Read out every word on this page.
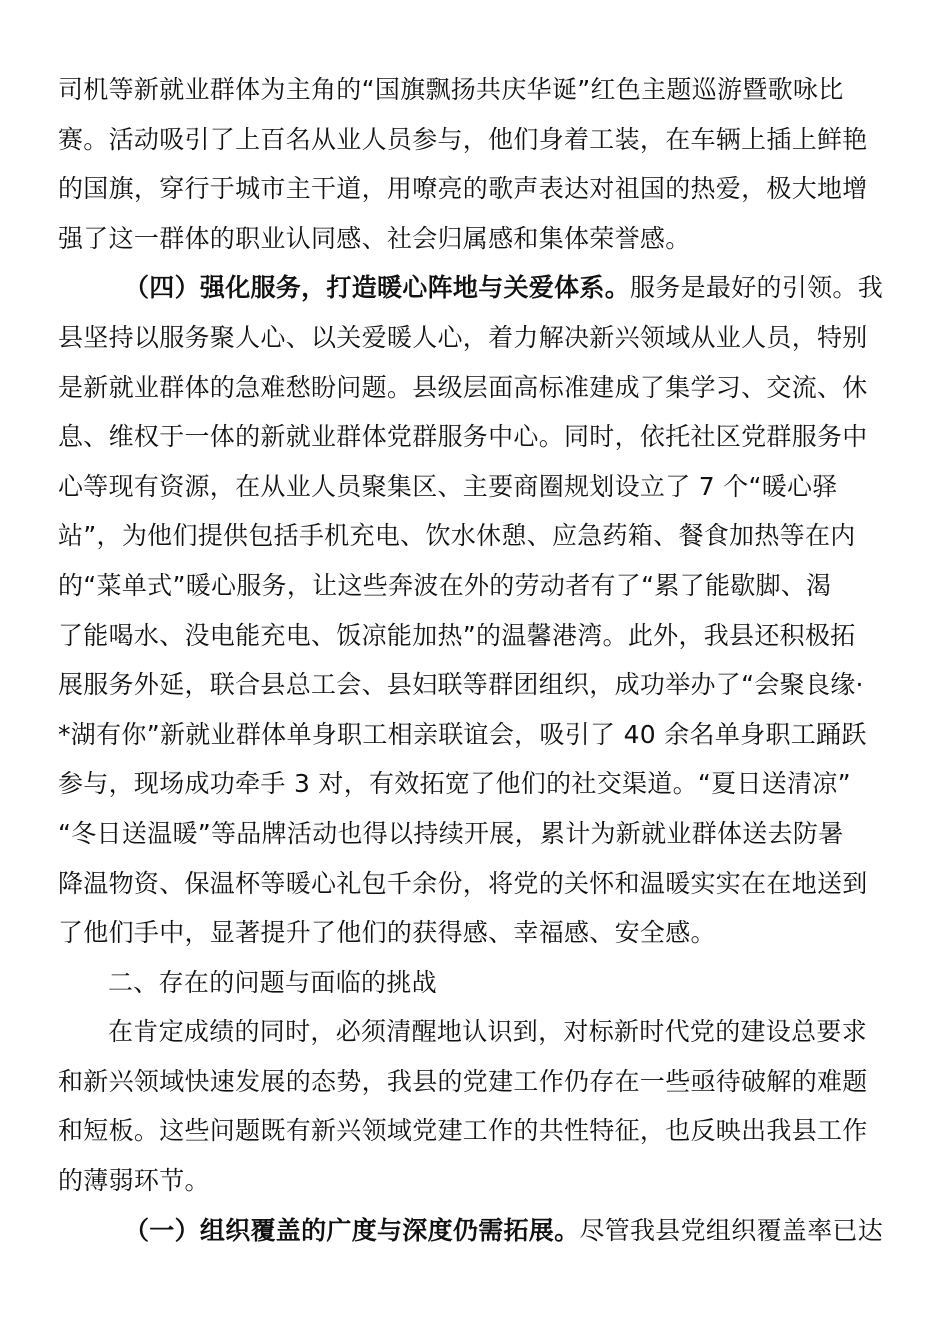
司机等新就业群体为主角的“国旗飘扬共庆华诞”红色主题巡游暨歌咏比
赛。活动吸引了上百名从业人员参与，他们身着工装，在车辆上插上鲜艳
的国旗，穿行于城市主干道，用嘹亮的歌声表达对祖国的热爱，极大地增
强了这一群体的职业认同感、社会归属感和集体荣誉感。
（四）强化服务，打造暖心阵地与关爱体系。服务是最好的引领。我
县坚持以服务聚人心、以关爱暖人心，着力解决新兴领域从业人员，特别
是新就业群体的急难愁盼问题。县级层面高标准建成了集学习、交流、休
息、维权于一体的新就业群体党群服务中心。同时，依托社区党群服务中
心等现有资源，在从业人员聚集区、主要商圈规划设立了 7 个“暖心驿
站”，为他们提供包括手机充电、饮水休憩、应急药箱、餐食加热等在内
的“菜单式”暖心服务，让这些奔波在外的劳动者有了“累了能歇脚、渴
了能喝水、没电能充电、饭凉能加热”的温馨港湾。此外，我县还积极拓
展服务外延，联合县总工会、县妇联等群团组织，成功举办了“会聚良缘·
*湖有你”新就业群体单身职工相亲联谊会，吸引了 40 余名单身职工踊跃
参与，现场成功牵手 3 对，有效拓宽了他们的社交渠道。“夏日送清凉”
“冬日送温暖”等品牌活动也得以持续开展，累计为新就业群体送去防暑
降温物资、保温杯等暖心礼包千余份，将党的关怀和温暖实实在在地送到
了他们手中，显著提升了他们的获得感、幸福感、安全感。
二、存在的问题与面临的挑战
在肯定成绩的同时，必须清醒地认识到，对标新时代党的建设总要求
和新兴领域快速发展的态势，我县的党建工作仍存在一些亟待破解的难题
和短板。这些问题既有新兴领域党建工作的共性特征，也反映出我县工作
的薄弱环节。
（一）组织覆盖的广度与深度仍需拓展。尽管我县党组织覆盖率已达
